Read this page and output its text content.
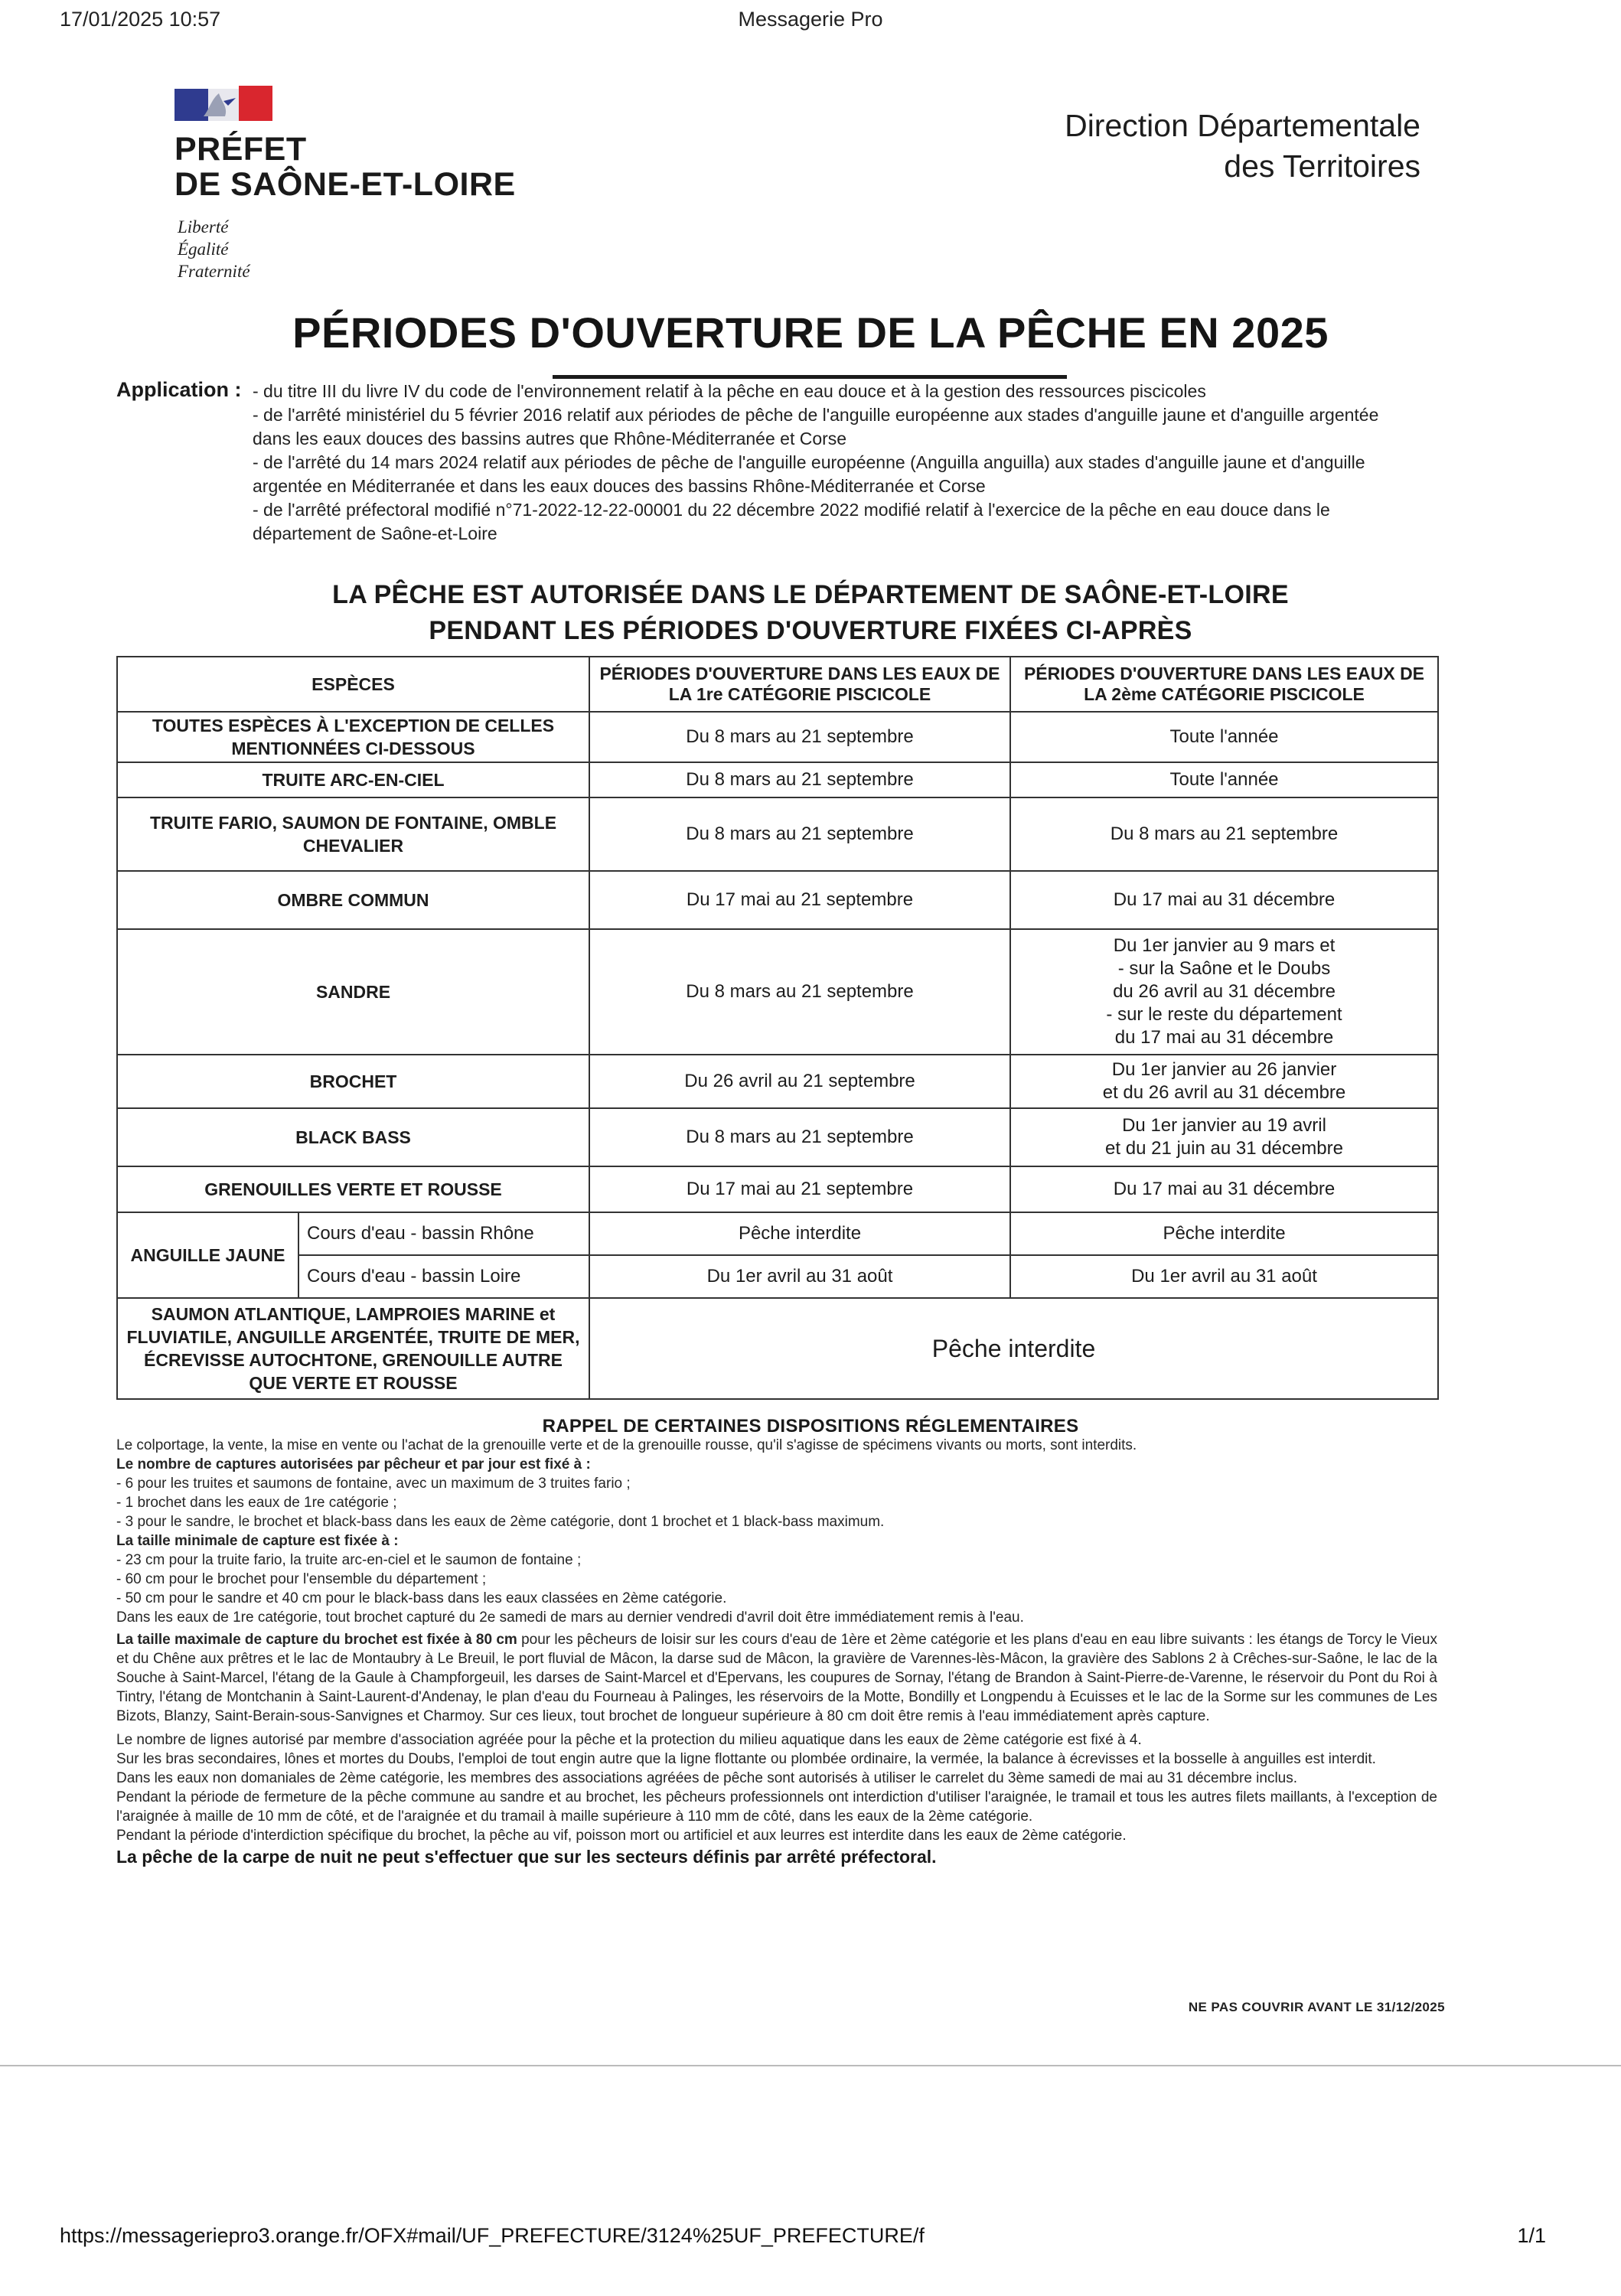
17/01/2025 10:57	Messagerie Pro
PRÉFET
DE SAÔNE-ET-LOIRE
Liberté
Égalité
Fraternité
Direction Départementale
des Territoires
PÉRIODES D'OUVERTURE DE LA PÊCHE EN 2025
Application : - du titre III du livre IV du code de l'environnement relatif à la pêche en eau douce et à la gestion des ressources piscicoles
- de l'arrêté ministériel du 5 février 2016 relatif aux périodes de pêche de l'anguille européenne aux stades d'anguille jaune et d'anguille argentée dans les eaux douces des bassins autres que Rhône-Méditerranée et Corse
- de l'arrêté du 14 mars 2024 relatif aux périodes de pêche de l'anguille européenne (Anguilla anguilla) aux stades d'anguille jaune et d'anguille argentée en Méditerranée et dans les eaux douces des bassins Rhône-Méditerranée et Corse
- de l'arrêté préfectoral modifié n°71-2022-12-22-00001 du 22 décembre 2022 modifié relatif à l'exercice de la pêche en eau douce dans le département de Saône-et-Loire
LA PÊCHE EST AUTORISÉE DANS LE DÉPARTEMENT DE SAÔNE-ET-LOIRE
PENDANT LES PÉRIODES D'OUVERTURE FIXÉES CI-APRÈS
ESPÈCES		PÉRIODES D'OUVERTURE DANS LES EAUX DE LA 1re CATÉGORIE PISCICOLE	PÉRIODES D'OUVERTURE DANS LES EAUX DE LA 2ème CATÉGORIE PISCICOLE
TOUTES ESPÈCES À L'EXCEPTION DE CELLES MENTIONNÉES CI-DESSOUS		Du 8 mars au 21 septembre	Toute l'année
TRUITE ARC-EN-CIEL		Du 8 mars au 21 septembre	Toute l'année
TRUITE FARIO, SAUMON DE FONTAINE, OMBLE CHEVALIER		Du 8 mars au 21 septembre	Du 8 mars au 21 septembre
OMBRE COMMUN		Du 17 mai au 21 septembre	Du 17 mai au 31 décembre
SANDRE		Du 8 mars au 21 septembre	Du 1er janvier au 9 mars et
- sur la Saône et le Doubs
du 26 avril au 31 décembre
- sur le reste du département
du 17 mai au 31 décembre

BROCHET		Du 26 avril au 21 septembre	Du 1er janvier au 26 janvier
et du 26 avril au 31 décembre

BLACK BASS		Du 8 mars au 21 septembre	Du 1er janvier au 19 avril
et du 21 juin au 31 décembre

GRENOUILLES VERTE ET ROUSSE		Du 17 mai au 21 septembre	Du 17 mai au 31 décembre
ANGUILLE JAUNE	Cours d'eau - bassin Rhône	Pêche interdite	Pêche interdite
	Cours d'eau - bassin Loire	Du 1er avril au 31 août	Du 1er avril au 31 août
SAUMON ATLANTIQUE, LAMPROIES MARINE et FLUVIATILE, ANGUILLE ARGENTÉE, TRUITE DE MER, ÉCREVISSE AUTOCHTONE, GRENOUILLE AUTRE QUE VERTE ET ROUSSE		Pêche interdite	
RAPPEL DE CERTAINES DISPOSITIONS RÉGLEMENTAIRES
Le colportage, la vente, la mise en vente ou l'achat de la grenouille verte et de la grenouille rousse, qu'il s'agisse de spécimens vivants ou morts, sont interdits.
Le nombre de captures autorisées par pêcheur et par jour est fixé à :
- 6 pour les truites et saumons de fontaine, avec un maximum de 3 truites fario ;
- 1 brochet dans les eaux de 1re catégorie ;
- 3 pour le sandre, le brochet et black-bass dans les eaux de 2ème catégorie, dont 1 brochet et 1 black-bass maximum.
La taille minimale de capture est fixée à :
- 23 cm pour la truite fario, la truite arc-en-ciel et le saumon de fontaine ;
- 60 cm pour le brochet pour l'ensemble du département ;
- 50 cm pour le sandre et 40 cm pour le black-bass dans les eaux classées en 2ème catégorie.
Dans les eaux de 1re catégorie, tout brochet capturé du 2e samedi de mars au dernier vendredi d'avril doit être immédiatement remis à l'eau.
La taille maximale de capture du brochet est fixée à 80 cm pour les pêcheurs de loisir sur les cours d'eau de 1ère et 2ème catégorie et les plans d'eau en eau libre suivants : les étangs de Torcy le Vieux et du Chêne aux prêtres et le lac de Montaubry à Le Breuil, le port fluvial de Mâcon, la darse sud de Mâcon, la gravière de Varennes-lès-Mâcon, la gravière des Sablons 2 à Crêches-sur-Saône, le lac de la Souche à Saint-Marcel, l'étang de la Gaule à Champforgeuil, les darses de Saint-Marcel et d'Epervans, les coupures de Sornay, l'étang de Brandon à Saint-Pierre-de-Varenne, le réservoir du Pont du Roi à Tintry, l'étang de Montchanin à Saint-Laurent-d'Andenay, le plan d'eau du Fourneau à Palinges, les réservoirs de la Motte, Bondilly et Longpendu à Ecuisses et le lac de la Sorme sur les communes de Les Bizots, Blanzy, Saint-Berain-sous-Sanvignes et Charmoy. Sur ces lieux, tout brochet de longueur supérieure à 80 cm doit être remis à l'eau immédiatement après capture.
Le nombre de lignes autorisé par membre d'association agréée pour la pêche et la protection du milieu aquatique dans les eaux de 2ème catégorie est fixé à 4.
Sur les bras secondaires, lônes et mortes du Doubs, l'emploi de tout engin autre que la ligne flottante ou plombée ordinaire, la vermée, la balance à écrevisses et la bosselle à anguilles est interdit.
Dans les eaux non domaniales de 2ème catégorie, les membres des associations agréées de pêche sont autorisés à utiliser le carrelet du 3ème samedi de mai au 31 décembre inclus.
Pendant la période de fermeture de la pêche commune au sandre et au brochet, les pêcheurs professionnels ont interdiction d'utiliser l'araignée, le tramail et tous les autres filets maillants, à l'exception de l'araignée à maille de 10 mm de côté, et de l'araignée et du tramail à maille supérieure à 110 mm de côté, dans les eaux de la 2ème catégorie.
Pendant la période d'interdiction spécifique du brochet, la pêche au vif, poisson mort ou artificiel et aux leurres est interdite dans les eaux de 2ème catégorie.
La pêche de la carpe de nuit ne peut s'effectuer que sur les secteurs définis par arrêté préfectoral.
NE PAS COUVRIR AVANT LE 31/12/2025
https://messageriepro3.orange.fr/OFX#mail/UF_PREFECTURE/3124%25UF_PREFECTURE/f	1/1
